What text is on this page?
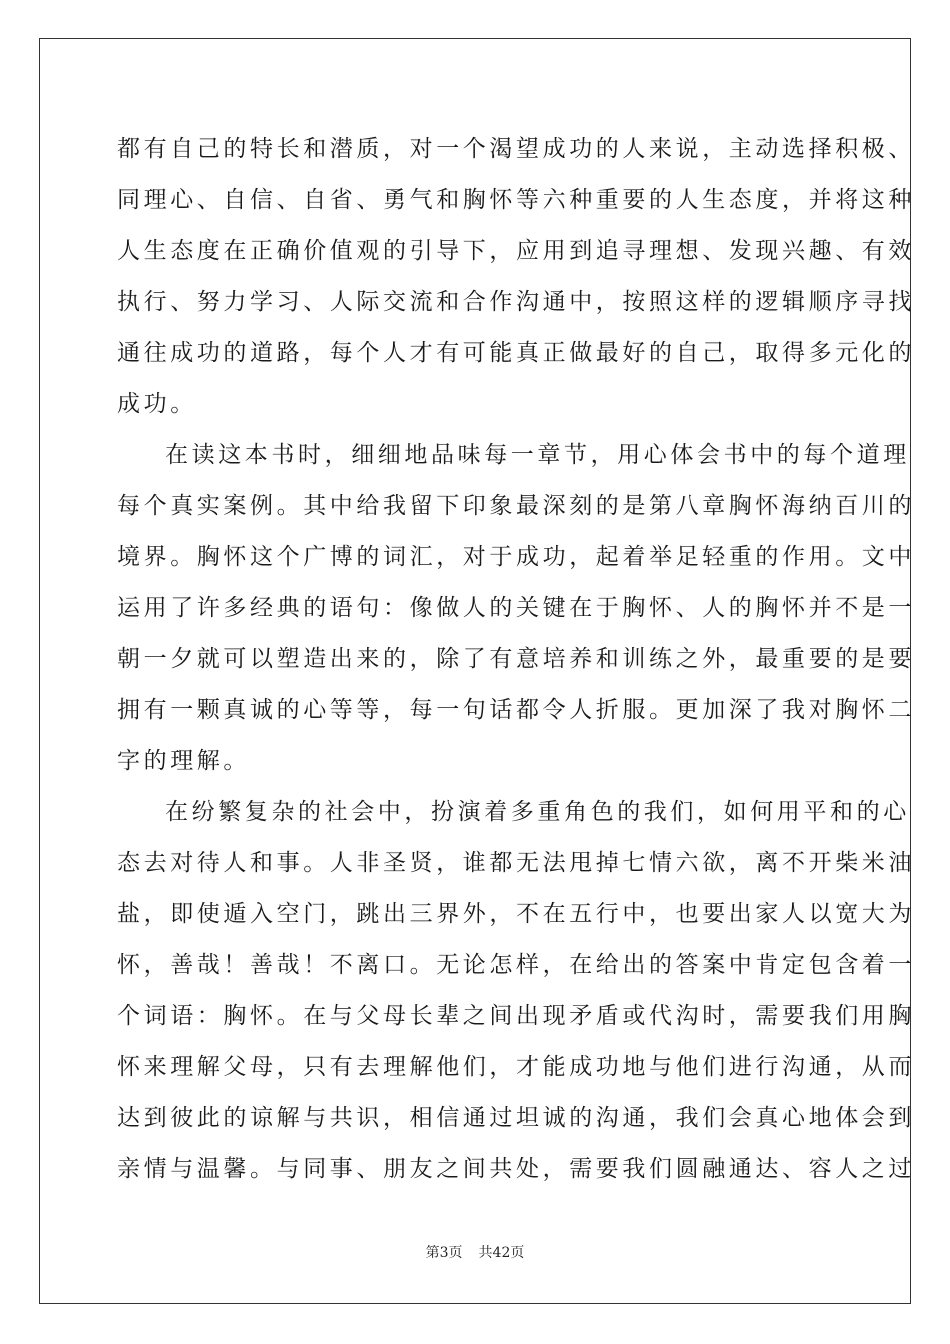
都有自己的特长和潜质，对一个渴望成功的人来说，主动选择积极、
同理心、自信、自省、勇气和胸怀等六种重要的人生态度，并将这种
人生态度在正确价值观的引导下，应用到追寻理想、发现兴趣、有效
执行、努力学习、人际交流和合作沟通中，按照这样的逻辑顺序寻找
通往成功的道路，每个人才有可能真正做最好的自己，取得多元化的
成功。
在读这本书时，细细地品味每一章节，用心体会书中的每个道理
每个真实案例。其中给我留下印象最深刻的是第八章胸怀海纳百川的
境界。胸怀这个广博的词汇，对于成功，起着举足轻重的作用。文中
运用了许多经典的语句：像做人的关键在于胸怀、人的胸怀并不是一
朝一夕就可以塑造出来的，除了有意培养和训练之外，最重要的是要
拥有一颗真诚的心等等，每一句话都令人折服。更加深了我对胸怀二
字的理解。
在纷繁复杂的社会中，扮演着多重角色的我们，如何用平和的心
态去对待人和事。人非圣贤，谁都无法甩掉七情六欲，离不开柴米油
盐，即使遁入空门，跳出三界外，不在五行中，也要出家人以宽大为
怀，善哉！善哉！不离口。无论怎样，在给出的答案中肯定包含着一
个词语：胸怀。在与父母长辈之间出现矛盾或代沟时，需要我们用胸
怀来理解父母，只有去理解他们，才能成功地与他们进行沟通，从而
达到彼此的谅解与共识，相信通过坦诚的沟通，我们会真心地体会到
亲情与温馨。与同事、朋友之间共处，需要我们圆融通达、容人之过
第3页 共42页
